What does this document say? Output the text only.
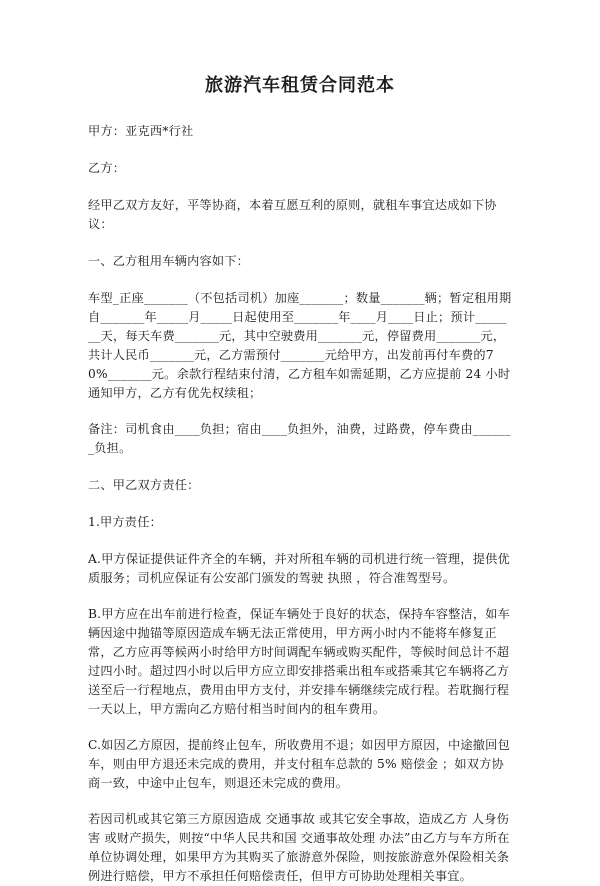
旅游汽车租赁合同范本

甲方：亚克西*行社

乙方：

经甲乙双方友好，平等协商，本着互愿互利的原则，就租车事宜达成如下协议：

一、乙方租用车辆内容如下：

车型_正座_______（不包括司机）加座_______；数量_______辆；暂定租用期自_______年_____月_____日起使用至_______年____月____日止；预计_______天，每天车费_______元，其中空驶费用_______元，停留费用_______元，共计人民币_______元，乙方需预付_______元给甲方，出发前再付车费的70%_______元。余款行程结束付清，乙方租车如需延期，乙方应提前 24 小时通知甲方，乙方有优先权续租；

备注：司机食由____负担；宿由____负担外，油费，过路费，停车费由_______负担。

二、甲乙双方责任：

1.甲方责任：

A.甲方保证提供证件齐全的车辆，并对所租车辆的司机进行统一管理，提供优质服务；司机应保证有公安部门颁发的驾驶 执照 ，符合准驾型号。

B.甲方应在出车前进行检查，保证车辆处于良好的状态，保持车容整洁，如车辆因途中抛锚等原因造成车辆无法正常使用，甲方两小时内不能将车修复正常，乙方应再等候两小时给甲方时间调配车辆或购买配件，等候时间总计不超过四小时。超过四小时以后甲方应立即安排搭乘出租车或搭乘其它车辆将乙方送至后一行程地点，费用由甲方支付，并安排车辆继续完成行程。若耽搁行程一天以上，甲方需向乙方赔付相当时间内的租车费用。

C.如因乙方原因，提前终止包车，所收费用不退；如因甲方原因，中途撤回包车，则由甲方退还未完成的费用，并支付租车总款的 5% 赔偿金 ；如双方协商一致，中途中止包车，则退还未完成的费用。

若因司机或其它第三方原因造成 交通事故 或其它安全事故，造成乙方 人身伤害 或财产损失，则按“中华人民共和国 交通事故处理 办法”由乙方与车方所在单位协调处理，如果甲方为其购买了旅游意外保险，则按旅游意外保险相关条例进行赔偿，甲方不承担任何赔偿责任，但甲方可协助处理相关事宜。
